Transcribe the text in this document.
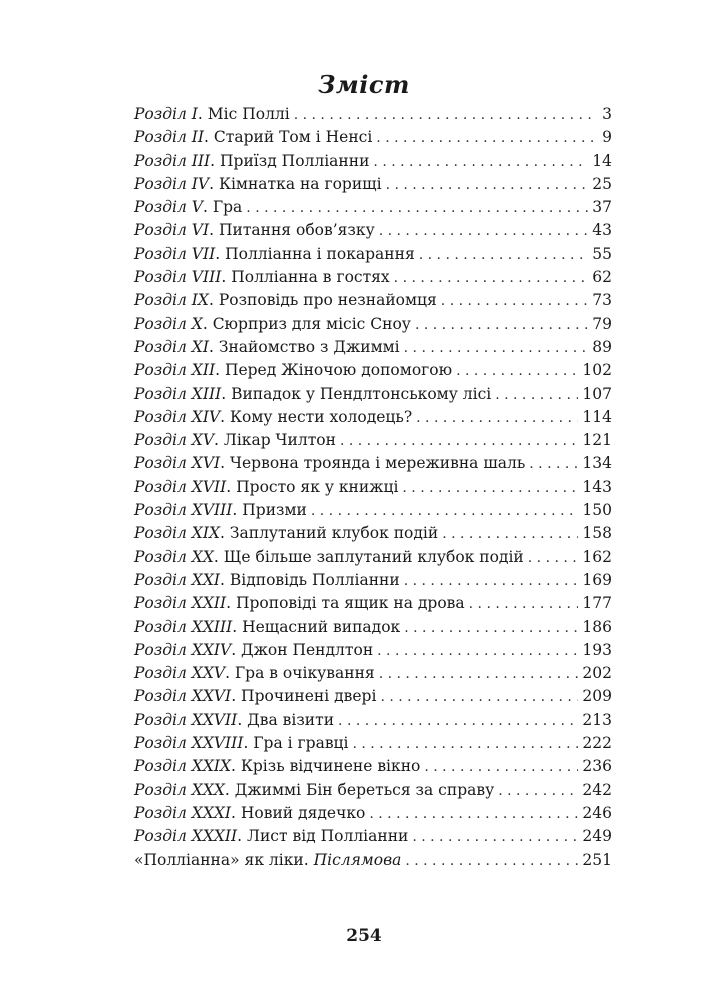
Зміст
Розділ I. Міс Поллі . . .	3
Розділ II. Старий Том і Ненсі . . .	9
Розділ III. Приїзд Полліанни . . .	14
Розділ IV. Кімнатка на горищі . . .	25
Розділ V. Гра . . .	37
Розділ VI. Питання обов’язку . . .	43
Розділ VII. Полліанна і покарання . . .	55
Розділ VIII. Полліанна в гостях . . .	62
Розділ IX. Розповідь про незнайомця . . .	73
Розділ X. Сюрприз для місіс Сноу . . .	79
Розділ XI. Знайомство з Джиммі . . .	89
Розділ XII. Перед Жіночою допомогою . . .	102
Розділ XIII. Випадок у Пендлтонському лісі . . .	107
Розділ XIV. Кому нести холодець? . . .	114
Розділ XV. Лікар Чилтон . . .	121
Розділ XVI. Червона троянда і мереживна шаль . . .	134
Розділ XVII. Просто як у книжці . . .	143
Розділ XVIII. Призми . . .	150
Розділ XIX. Заплутаний клубок подій . . .	158
Розділ XX. Ще більше заплутаний клубок подій . . .	162
Розділ XXI. Відповідь Полліанни . . .	169
Розділ XXII. Проповіді та ящик на дрова . . .	177
Розділ XXIII. Нещасний випадок . . .	186
Розділ XXIV. Джон Пендлтон . . .	193
Розділ XXV. Гра в очікування . . .	202
Розділ XXVI. Прочинені двері . . .	209
Розділ XXVII. Два візити . . .	213
Розділ XXVIII. Гра і гравці . . .	222
Розділ XXIX. Крізь відчинене вікно . . .	236
Розділ XXX. Джиммі Бін береться за справу . . .	242
Розділ XXXI. Новий дядечко . . .	246
Розділ XXXII. Лист від Полліанни . . .	249
«Полліанна» як ліки. Післямова . . .	251
254
